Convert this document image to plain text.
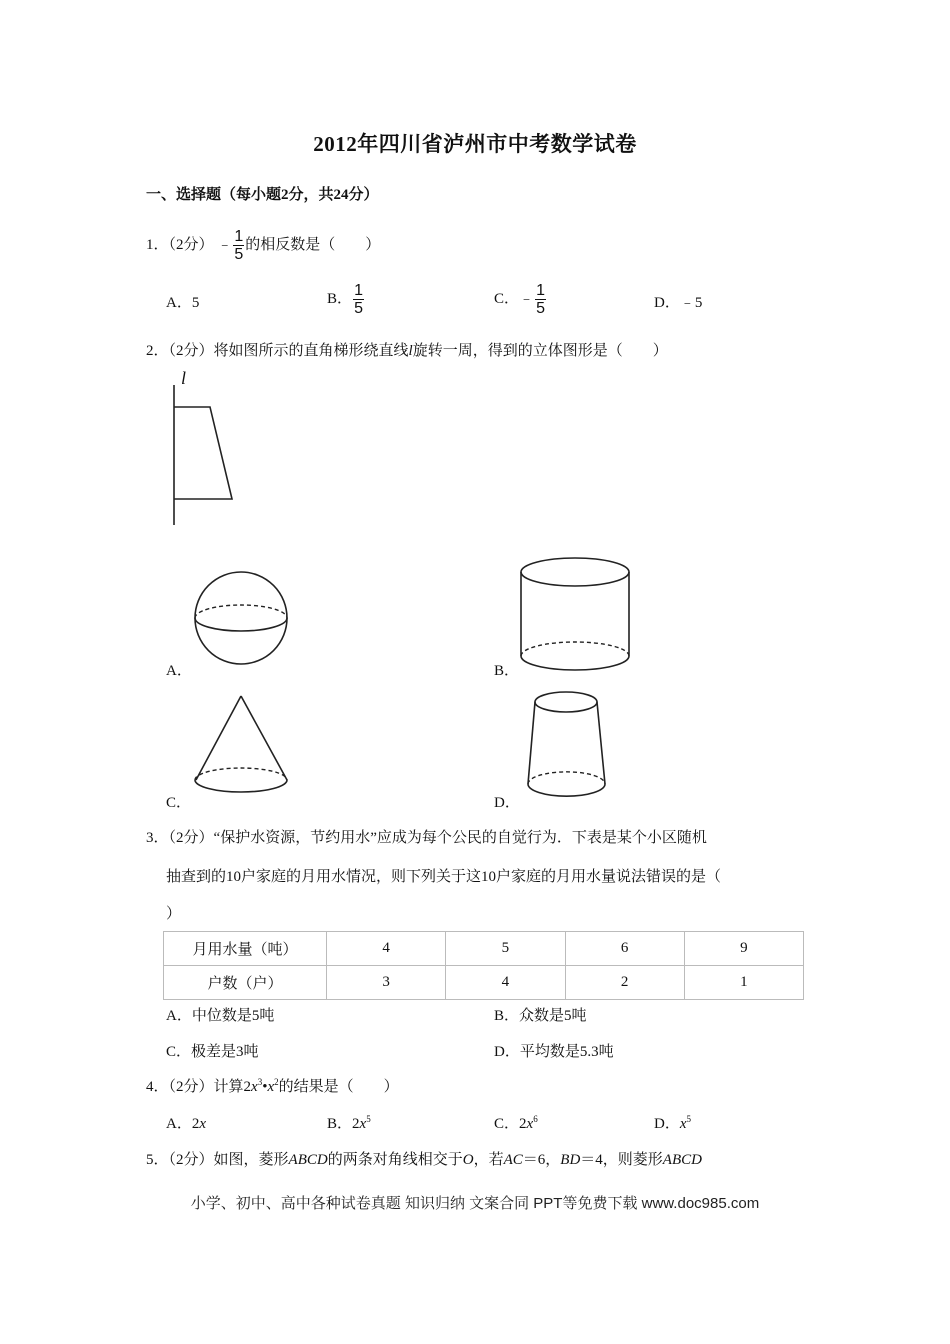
2012年四川省泸州市中考数学试卷
一、选择题（每小题2分，共24分）
1．（2分） ﹣ $\frac{1}{5}$ 的相反数是（　　）
A．5	B． $\frac{1}{5}$	C．﹣ $\frac{1}{5}$	D．﹣5
2．（2分）将如图所示的直角梯形绕直线l旋转一周，得到的立体图形是（　　）
l
A．	B．
C．	D．
3．（2分）“保护水资源，节约用水”应成为每个公民的自觉行为．下表是某个小区随机
抽查到的10户家庭的月用水情况，则下列关于这10户家庭的月用水量说法错误的是（
）
月用水量（吨）	4	5	6	9
户数（户）	3	4	2	1
A．中位数是5吨	B．众数是5吨
C．极差是3吨	D．平均数是5.3吨
4．（2分）计算$2x^3•x^2$的结果是（　　）
A．2x	B．$2x^5$	C．$2x^6$	D．$x^5$
5．（2分）如图，菱形ABCD的两条对角线相交于O，若AC＝6，BD＝4，则菱形ABCD
小学、初中、高中各种试卷真题 知识归纳 文案合同 PPT等免费下载 www.doc985.com
